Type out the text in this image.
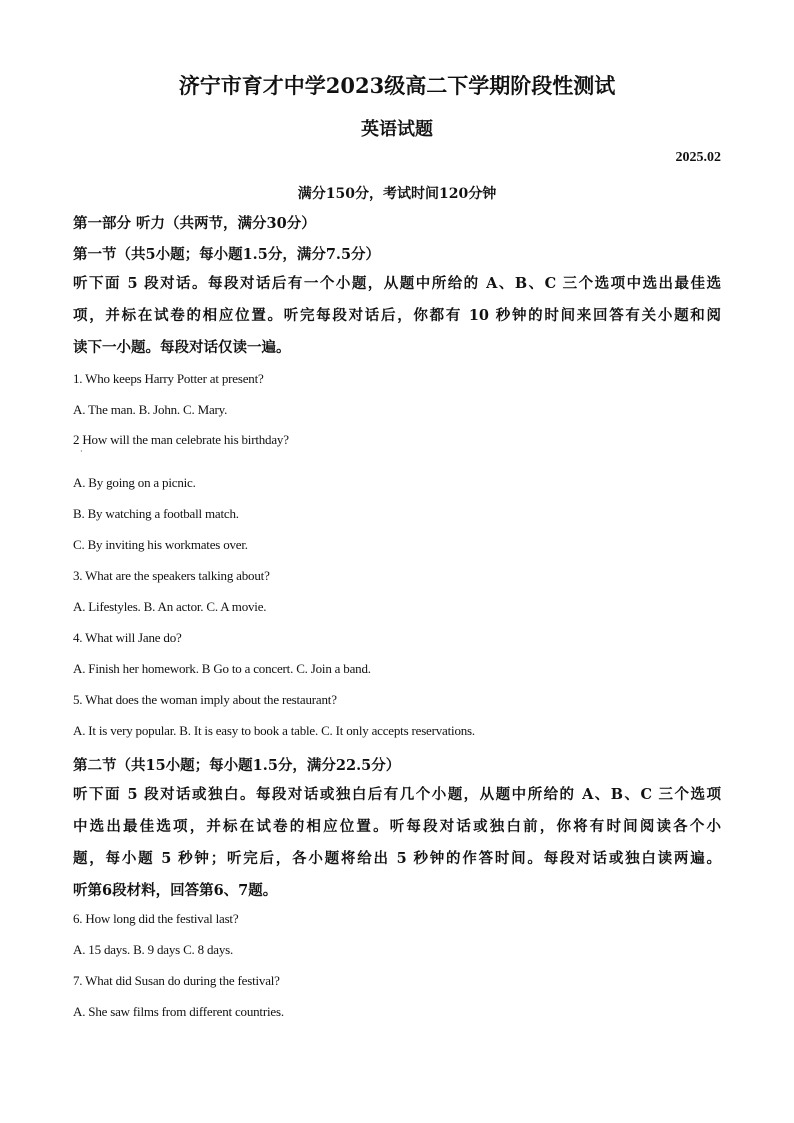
济宁市育才中学2023级高二下学期阶段性测试
英语试题
2025.02
满分150分，考试时间120分钟
第一部分 听力（共两节，满分30分）
第一节（共5小题；每小题1.5分，满分7.5分）
听下面 5 段对话。每段对话后有一个小题，从题中所给的 A、B、C 三个选项中选出最佳选
项，并标在试卷的相应位置。听完每段对话后，你都有 10 秒钟的时间来回答有关小题和阅
读下一小题。每段对话仅读一遍。
1. Who keeps Harry Potter at present?
A. The man. B. John. C. Mary.
2 How will the man celebrate his birthday?
·
A. By going on a picnic.
B. By watching a football match.
C. By inviting his workmates over.
3. What are the speakers talking about?
A. Lifestyles. B. An actor. C. A movie.
4. What will Jane do?
A. Finish her homework. B Go to a concert. C. Join a band.
5. What does the woman imply about the restaurant?
A. It is very popular. B. It is easy to book a table. C. It only accepts reservations.
第二节（共15小题；每小题1.5分，满分22.5分）
听下面 5 段对话或独白。每段对话或独白后有几个小题，从题中所给的 A、B、C 三个选项
中选出最佳选项，并标在试卷的相应位置。听每段对话或独白前，你将有时间阅读各个小
题，每小题 5 秒钟；听完后，各小题将给出 5 秒钟的作答时间。每段对话或独白读两遍。
听第6段材料，回答第6、7题。
6. How long did the festival last?
A. 15 days. B. 9 days C. 8 days.
7. What did Susan do during the festival?
A. She saw films from different countries.
